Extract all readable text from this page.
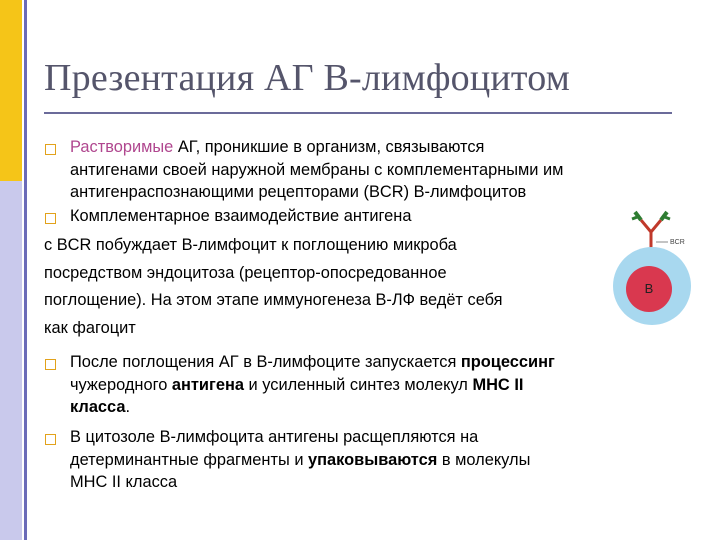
Презентация АГ В-лимфоцитом
Растворимые АГ, проникшие в организм, связываются
антигенами своей наружной мембраны с комплементарными им
антигенраспознающими рецепторами (BCR) В-лимфоцитов
Комплементарное взаимодействие антигена
с BCR побуждает В-лимфоцит к поглощению микроба
посредством эндоцитоза (рецептор-опосредованное
поглощение). На этом этапе иммуногенеза В-ЛФ ведёт себя
как фагоцит
После поглощения АГ в В-лимфоците запускается процессинг
чужеродного антигена и усиленный синтез молекул МНС II
класса.
В цитозоле В-лимфоцита антигены расщепляются на
детерминантные фрагменты и упаковываются в молекулы
МНС II класса
BCR
B
